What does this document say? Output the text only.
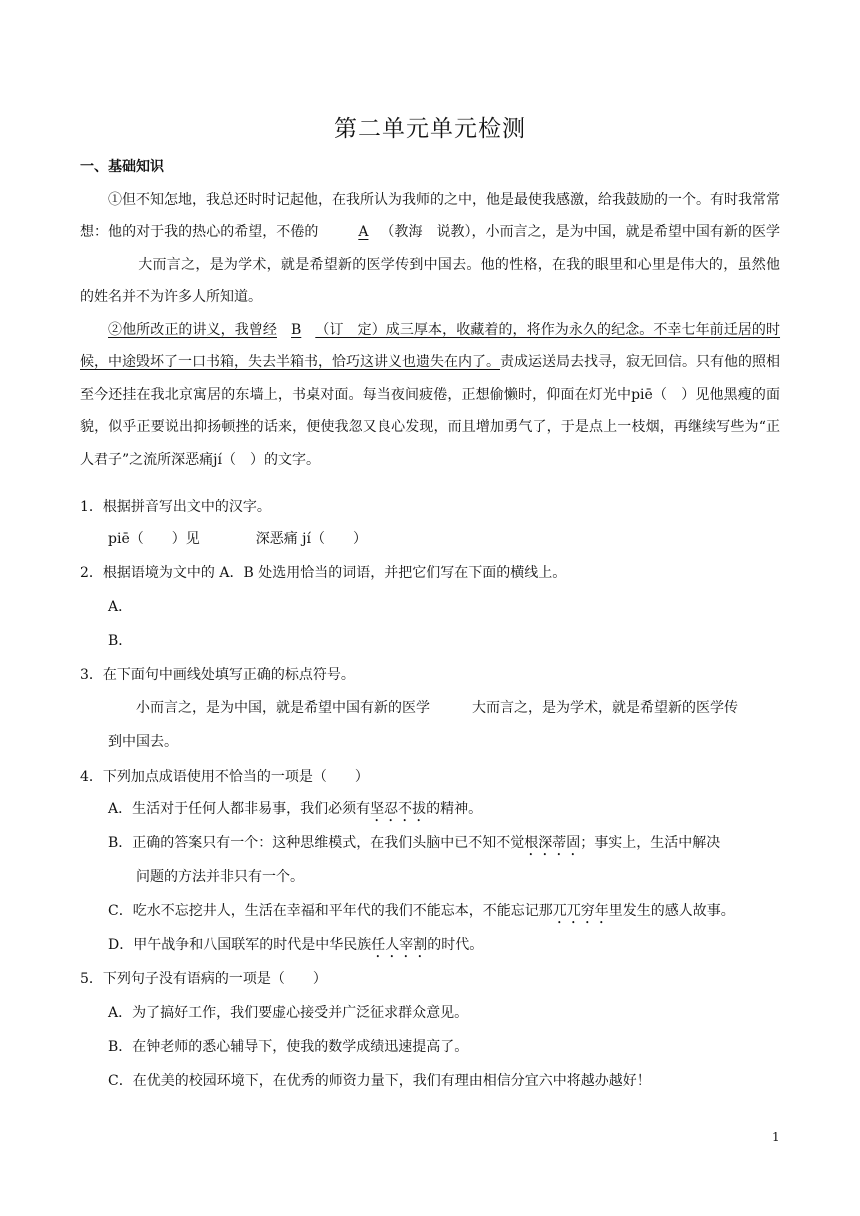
第二单元单元检测
一、基础知识
①但不知怎地，我总还时时记起他，在我所认为我师的之中，他是最使我感激，给我鼓励的一个。有时我常常想：他的对于我的热心的希望，不倦的	A （教海　说教），小而言之，是为中国，就是希望中国有新的医学大而言之，是为学术，就是希望新的医学传到中国去。他的性格，在我的眼里和心里是伟大的，虽然他的姓名并不为许多人所知道。
②他所改正的讲义，我曾经 B （订　定）成三厚本，收藏着的，将作为永久的纪念。不幸七年前迁居的时候，中途毁坏了一口书箱，失去半箱书，恰巧这讲义也遗失在内了。责成运送局去找寻，寂无回信。只有他的照相至今还挂在我北京寓居的东墙上，书桌对面。每当夜间疲倦，正想偷懒时，仰面在灯光中piē（　）见他黑瘦的面貌，似乎正要说出抑扬顿挫的话来，便使我忽又良心发现，而且增加勇气了，于是点上一枝烟，再继续写些为“正人君子”之流所深恶痛jí（　）的文字。
1．根据拼音写出文中的汉字。
piē（　　）见　　　　深恶痛 jí（　　）
2．根据语境为文中的 A．B 处选用恰当的词语，并把它们写在下面的横线上。
A．
B．
3．在下面句中画线处填写正确的标点符号。
小而言之，是为中国，就是希望中国有新的医学	大而言之，是为学术，就是希望新的医学传
到中国去。
4．下列加点成语使用不恰当的一项是（　　）
A．生活对于任何人都非易事，我们必须有坚忍不拔的精神。
B．正确的答案只有一个：这种思维模式，在我们头脑中已不知不觉根深蒂固；事实上，生活中解决
问题的方法并非只有一个。
C．吃水不忘挖井人，生活在幸福和平年代的我们不能忘本，不能忘记那兀兀穷年里发生的感人故事。
D．甲午战争和八国联军的时代是中华民族任人宰割的时代。
5．下列句子没有语病的一项是（　　）
A．为了搞好工作，我们要虚心接受并广泛征求群众意见。
B．在钟老师的悉心辅导下，使我的数学成绩迅速提高了。
C．在优美的校园环境下，在优秀的师资力量下，我们有理由相信分宜六中将越办越好！
1
